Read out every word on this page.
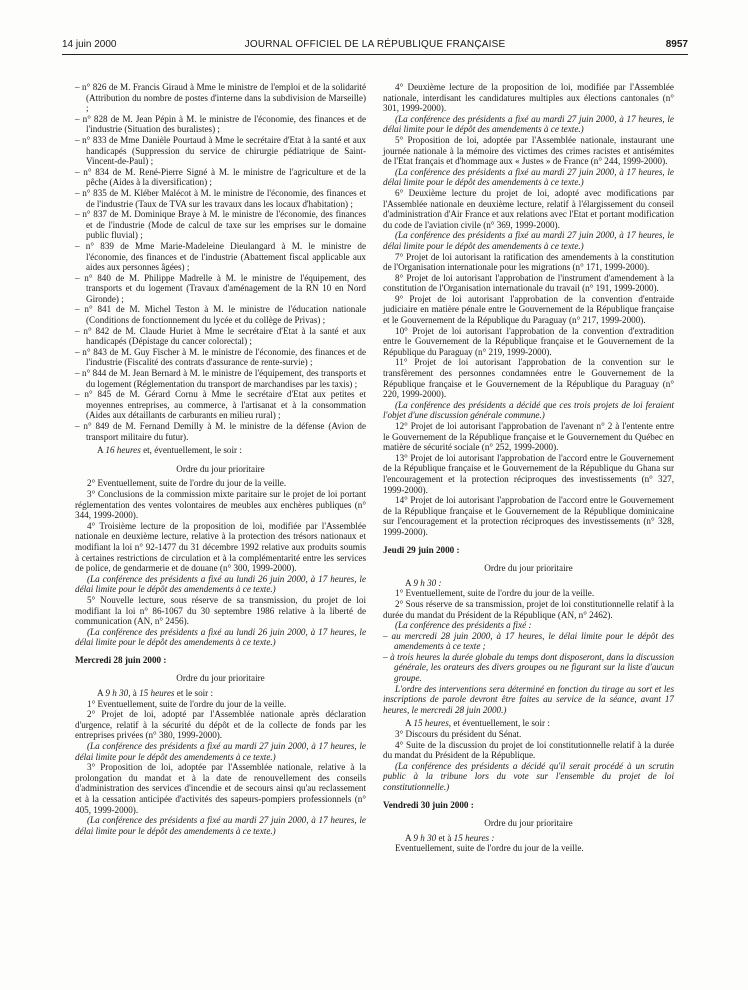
14 juin 2000	JOURNAL OFFICIEL DE LA RÉPUBLIQUE FRANÇAISE	8957

– n° 826 de M. Francis Giraud à Mme le ministre de l'emploi et de la solidarité (Attribution du nombre de postes d'interne dans la subdivision de Marseille) ;

– n° 828 de M. Jean Pépin à M. le ministre de l'économie, des finances et de l'industrie (Situation des buralistes) ;

– n° 833 de Mme Danièle Pourtaud à Mme le secrétaire d'Etat à la santé et aux handicapés (Suppression du service de chirurgie pédiatrique de Saint-Vincent-de-Paul) ;

– n° 834 de M. René-Pierre Signé à M. le ministre de l'agriculture et de la pêche (Aides à la diversification) ;

– n° 835 de M. Kléber Malécot à M. le ministre de l'économie, des finances et de l'industrie (Taux de TVA sur les travaux dans les locaux d'habitation) ;

– n° 837 de M. Dominique Braye à M. le ministre de l'économie, des finances et de l'industrie (Mode de calcul de taxe sur les emprises sur le domaine public fluvial) ;

– n° 839 de Mme Marie-Madeleine Dieulangard à M. le ministre de l'économie, des finances et de l'industrie (Abattement fiscal applicable aux aides aux personnes âgées) ;

– n° 840 de M. Philippe Madrelle à M. le ministre de l'équipement, des transports et du logement (Travaux d'aménagement de la RN 10 en Nord Gironde) ;

– n° 841 de M. Michel Teston à M. le ministre de l'éducation nationale (Conditions de fonctionnement du lycée et du collège de Privas) ;

– n° 842 de M. Claude Huriet à Mme le secrétaire d'Etat à la santé et aux handicapés (Dépistage du cancer colorectal) ;

– n° 843 de M. Guy Fischer à M. le ministre de l'économie, des finances et de l'industrie (Fiscalité des contrats d'assurance de rente-survie) ;

– n° 844 de M. Jean Bernard à M. le ministre de l'équipement, des transports et du logement (Réglementation du transport de marchandises par les taxis) ;

– n° 845 de M. Gérard Cornu à Mme le secrétaire d'Etat aux petites et moyennes entreprises, au commerce, à l'artisanat et à la consommation (Aides aux détaillants de carburants en milieu rural) ;

– n° 849 de M. Fernand Demilly à M. le ministre de la défense (Avion de transport militaire du futur).

A 16 heures et, éventuellement, le soir :

Ordre du jour prioritaire

2° Eventuellement, suite de l'ordre du jour de la veille.

3° Conclusions de la commission mixte paritaire sur le projet de loi portant réglementation des ventes volontaires de meubles aux enchères publiques (n° 344, 1999-2000).

4° Troisième lecture de la proposition de loi, modifiée par l'Assemblée nationale en deuxième lecture, relative à la protection des trésors nationaux et modifiant la loi n° 92-1477 du 31 décembre 1992 relative aux produits soumis à certaines restrictions de circulation et à la complémentarité entre les services de police, de gendarmerie et de douane (n° 300, 1999-2000).

(La conférence des présidents a fixé au lundi 26 juin 2000, à 17 heures, le délai limite pour le dépôt des amendements à ce texte.)

5° Nouvelle lecture, sous réserve de sa transmission, du projet de loi modifiant la loi n° 86-1067 du 30 septembre 1986 relative à la liberté de communication (AN, n° 2456).

(La conférence des présidents a fixé au lundi 26 juin 2000, à 17 heures, le délai limite pour le dépôt des amendements à ce texte.)

Mercredi 28 juin 2000 :

Ordre du jour prioritaire

A 9 h 30, à 15 heures et le soir :

1° Eventuellement, suite de l'ordre du jour de la veille.

2° Projet de loi, adopté par l'Assemblée nationale après déclaration d'urgence, relatif à la sécurité du dépôt et de la collecte de fonds par les entreprises privées (n° 380, 1999-2000).

(La conférence des présidents a fixé au mardi 27 juin 2000, à 17 heures, le délai limite pour le dépôt des amendements à ce texte.)

3° Proposition de loi, adoptée par l'Assemblée nationale, relative à la prolongation du mandat et à la date de renouvellement des conseils d'administration des services d'incendie et de secours ainsi qu'au reclassement et à la cessation anticipée d'activités des sapeurs-pompiers professionnels (n° 405, 1999-2000).

(La conférence des présidents a fixé au mardi 27 juin 2000, à 17 heures, le délai limite pour le dépôt des amendements à ce texte.)

4° Deuxième lecture de la proposition de loi, modifiée par l'Assemblée nationale, interdisant les candidatures multiples aux élections cantonales (n° 301, 1999-2000).

(La conférence des présidents a fixé au mardi 27 juin 2000, à 17 heures, le délai limite pour le dépôt des amendements à ce texte.)

5° Proposition de loi, adoptée par l'Assemblée nationale, instaurant une journée nationale à la mémoire des victimes des crimes racistes et antisémites de l'Etat français et d'hommage aux « Justes » de France (n° 244, 1999-2000).

(La conférence des présidents a fixé au mardi 27 juin 2000, à 17 heures, le délai limite pour le dépôt des amendements à ce texte.)

6° Deuxième lecture du projet de loi, adopté avec modifications par l'Assemblée nationale en deuxième lecture, relatif à l'élargissement du conseil d'administration d'Air France et aux relations avec l'Etat et portant modification du code de l'aviation civile (n° 369, 1999-2000).

(La conférence des présidents a fixé au mardi 27 juin 2000, à 17 heures, le délai limite pour le dépôt des amendements à ce texte.)

7° Projet de loi autorisant la ratification des amendements à la constitution de l'Organisation internationale pour les migrations (n° 171, 1999-2000).

8° Projet de loi autorisant l'approbation de l'instrument d'amendement à la constitution de l'Organisation internationale du travail (n° 191, 1999-2000).

9° Projet de loi autorisant l'approbation de la convention d'entraide judiciaire en matière pénale entre le Gouvernement de la République française et le Gouvernement de la République du Paraguay (n° 217, 1999-2000).

10° Projet de loi autorisant l'approbation de la convention d'extradition entre le Gouvernement de la République française et le Gouvernement de la République du Paraguay (n° 219, 1999-2000).

11° Projet de loi autorisant l'approbation de la convention sur le transfèrement des personnes condamnées entre le Gouvernement de la République française et le Gouvernement de la République du Paraguay (n° 220, 1999-2000).

(La conférence des présidents a décidé que ces trois projets de loi feraient l'objet d'une discussion générale commune.)

12° Projet de loi autorisant l'approbation de l'avenant n° 2 à l'entente entre le Gouvernement de la République française et le Gouvernement du Québec en matière de sécurité sociale (n° 252, 1999-2000).

13° Projet de loi autorisant l'approbation de l'accord entre le Gouvernement de la République française et le Gouvernement de la République du Ghana sur l'encouragement et la protection réciproques des investissements (n° 327, 1999-2000).

14° Projet de loi autorisant l'approbation de l'accord entre le Gouvernement de la République française et le Gouvernement de la République dominicaine sur l'encouragement et la protection réciproques des investissements (n° 328, 1999-2000).

Jeudi 29 juin 2000 :

Ordre du jour prioritaire

A 9 h 30 :

1° Eventuellement, suite de l'ordre du jour de la veille.

2° Sous réserve de sa transmission, projet de loi constitutionnelle relatif à la durée du mandat du Président de la République (AN, n° 2462).

(La conférence des présidents a fixé :

– au mercredi 28 juin 2000, à 17 heures, le délai limite pour le dépôt des amendements à ce texte ;

– à trois heures la durée globale du temps dont disposeront, dans la discussion générale, les orateurs des divers groupes ou ne figurant sur la liste d'aucun groupe.

L'ordre des interventions sera déterminé en fonction du tirage au sort et les inscriptions de parole devront être faites au service de la séance, avant 17 heures, le mercredi 28 juin 2000.)

A 15 heures, et éventuellement, le soir :

3° Discours du président du Sénat.

4° Suite de la discussion du projet de loi constitutionnelle relatif à la durée du mandat du Président de la République.

(La conférence des présidents a décidé qu'il serait procédé à un scrutin public à la tribune lors du vote sur l'ensemble du projet de loi constitutionnelle.)

Vendredi 30 juin 2000 :

Ordre du jour prioritaire

A 9 h 30 et à 15 heures :

Eventuellement, suite de l'ordre du jour de la veille.
